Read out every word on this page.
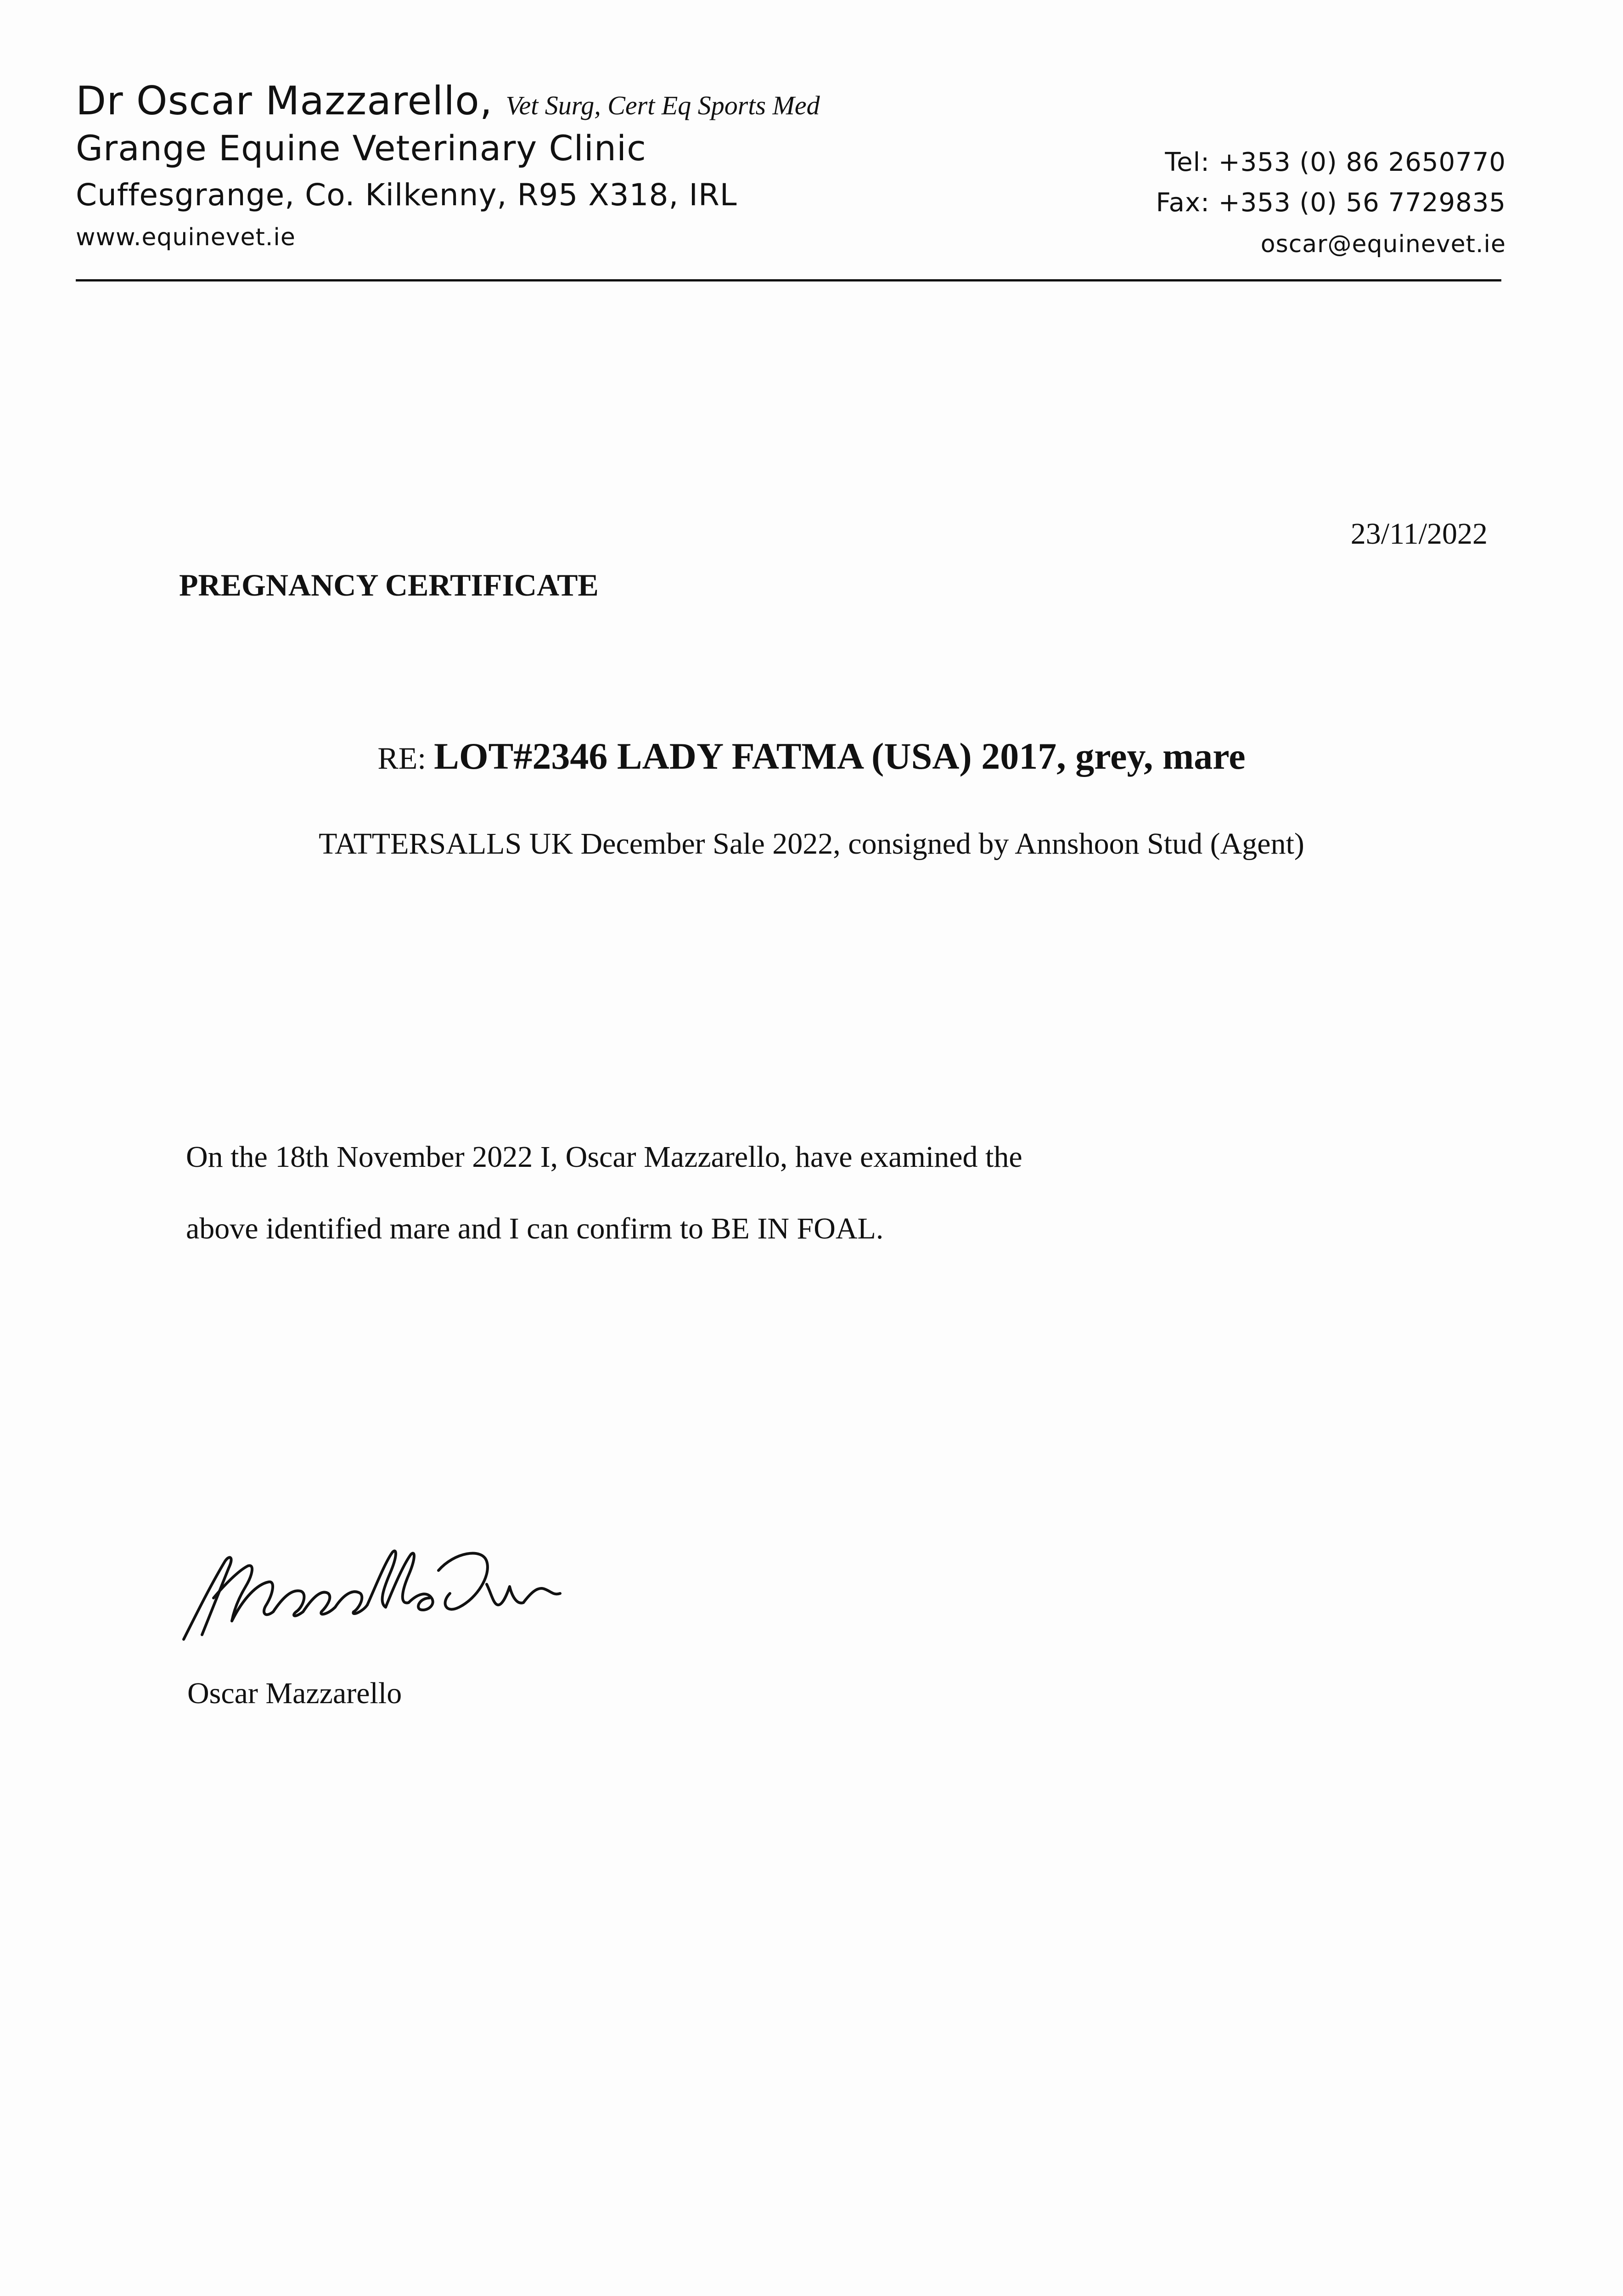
Dr Oscar Mazzarello, Vet Surg, Cert Eq Sports Med
Grange Equine Veterinary Clinic
Cuffesgrange, Co. Kilkenny, R95 X318, IRL
www.equinevet.ie
Tel: +353 (0) 86 2650770
Fax: +353 (0) 56 7729835
oscar@equinevet.ie
23/11/2022
PREGNANCY CERTIFICATE
RE: LOT#2346 LADY FATMA (USA) 2017, grey, mare
TATTERSALLS UK December Sale 2022, consigned by Annshoon Stud (Agent)
On the 18th November 2022 I, Oscar Mazzarello, have examined the
above identified mare and I can confirm to BE IN FOAL.
Oscar Mazzarello
